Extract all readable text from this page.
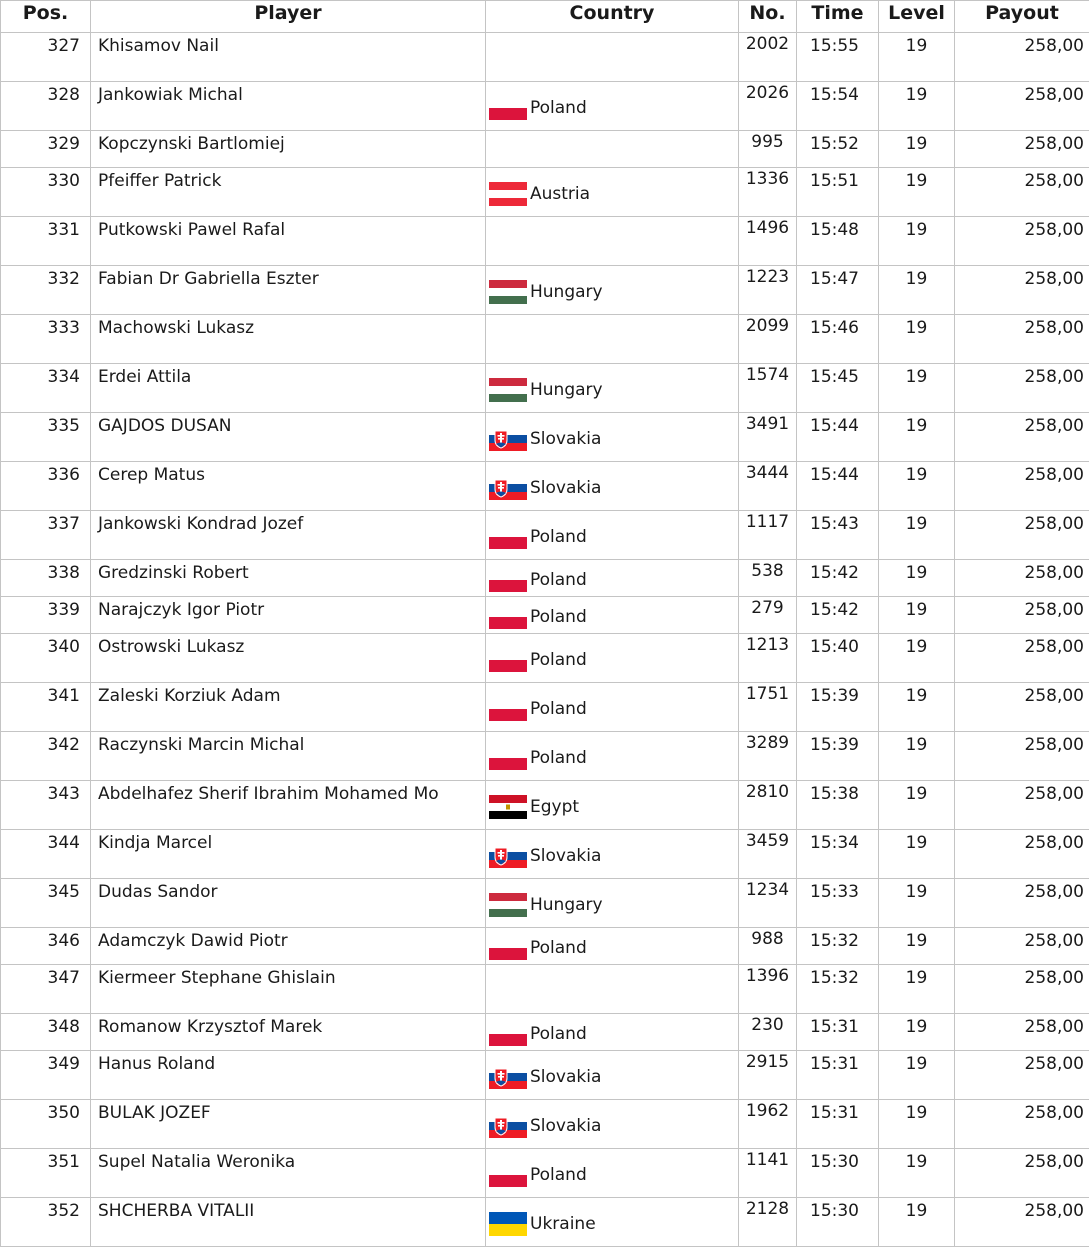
Pos.	Player	Country	No.	Time	Level	Payout
327	Khisamov Nail		2002	15:55	19	258,00
328	Jankowiak Michal	Poland	2026	15:54	19	258,00
329	Kopczynski Bartlomiej		995	15:52	19	258,00
330	Pfeiffer Patrick	Austria	1336	15:51	19	258,00
331	Putkowski Pawel Rafal		1496	15:48	19	258,00
332	Fabian Dr Gabriella Eszter	Hungary	1223	15:47	19	258,00
333	Machowski Lukasz		2099	15:46	19	258,00
334	Erdei Attila	Hungary	1574	15:45	19	258,00
335	GAJDOS DUSAN	Slovakia	3491	15:44	19	258,00
336	Cerep Matus	Slovakia	3444	15:44	19	258,00
337	Jankowski Kondrad Jozef	Poland	1117	15:43	19	258,00
338	Gredzinski Robert	Poland	538	15:42	19	258,00
339	Narajczyk Igor Piotr	Poland	279	15:42	19	258,00
340	Ostrowski Lukasz	Poland	1213	15:40	19	258,00
341	Zaleski Korziuk Adam	Poland	1751	15:39	19	258,00
342	Raczynski Marcin Michal	Poland	3289	15:39	19	258,00
343	Abdelhafez Sherif Ibrahim Mohamed Mo	Egypt	2810	15:38	19	258,00
344	Kindja Marcel	Slovakia	3459	15:34	19	258,00
345	Dudas Sandor	Hungary	1234	15:33	19	258,00
346	Adamczyk Dawid Piotr	Poland	988	15:32	19	258,00
347	Kiermeer Stephane Ghislain		1396	15:32	19	258,00
348	Romanow Krzysztof Marek	Poland	230	15:31	19	258,00
349	Hanus Roland	Slovakia	2915	15:31	19	258,00
350	BULAK JOZEF	Slovakia	1962	15:31	19	258,00
351	Supel Natalia Weronika	Poland	1141	15:30	19	258,00
352	SHCHERBA VITALII	Ukraine	2128	15:30	19	258,00
